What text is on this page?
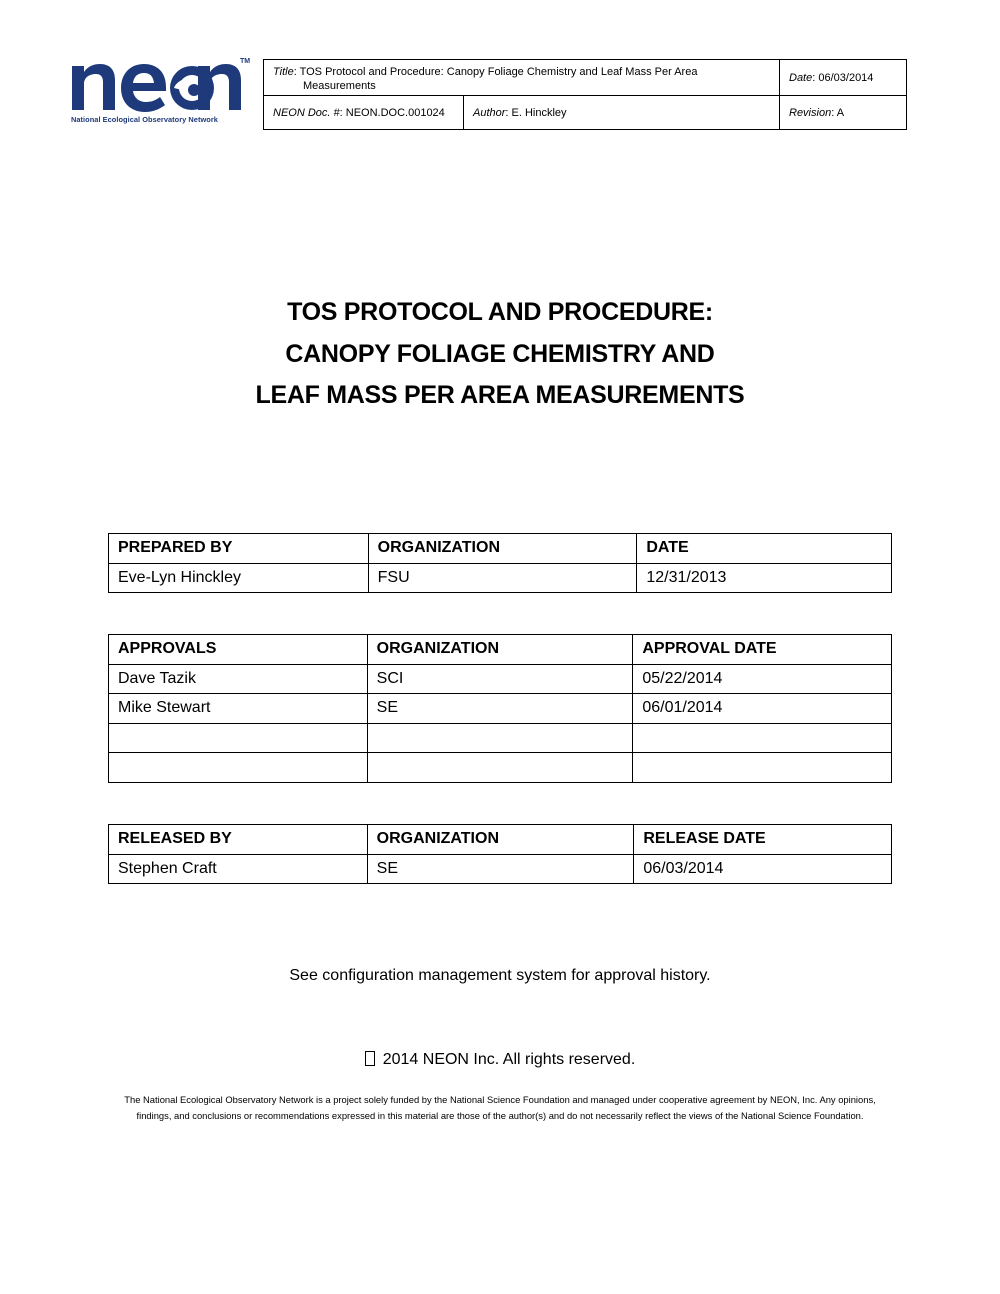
TM
National Ecological Observatory Network
Title: TOS Protocol and Procedure: Canopy Foliage Chemistry and Leaf Mass Per Area
Measurements
Date: 06/03/2014
NEON Doc. #: NEON.DOC.001024	Author: E. Hinckley	Revision: A
TOS PROTOCOL AND PROCEDURE:
CANOPY FOLIAGE CHEMISTRY AND
LEAF MASS PER AREA MEASUREMENTS
PREPARED BY	ORGANIZATION	DATE
Eve-Lyn Hinckley	FSU	12/31/2013
APPROVALS	ORGANIZATION	APPROVAL DATE
Dave Tazik	SCI	05/22/2014
Mike Stewart	SE	06/01/2014

RELEASED BY	ORGANIZATION	RELEASE DATE
Stephen Craft	SE	06/03/2014
See configuration management system for approval history.
2014 NEON Inc. All rights reserved.
The National Ecological Observatory Network is a project solely funded by the National Science Foundation and managed under cooperative agreement by NEON, Inc. Any opinions, findings, and conclusions or recommendations expressed in this material are those of the author(s) and do not necessarily reflect the views of the National Science Foundation.
